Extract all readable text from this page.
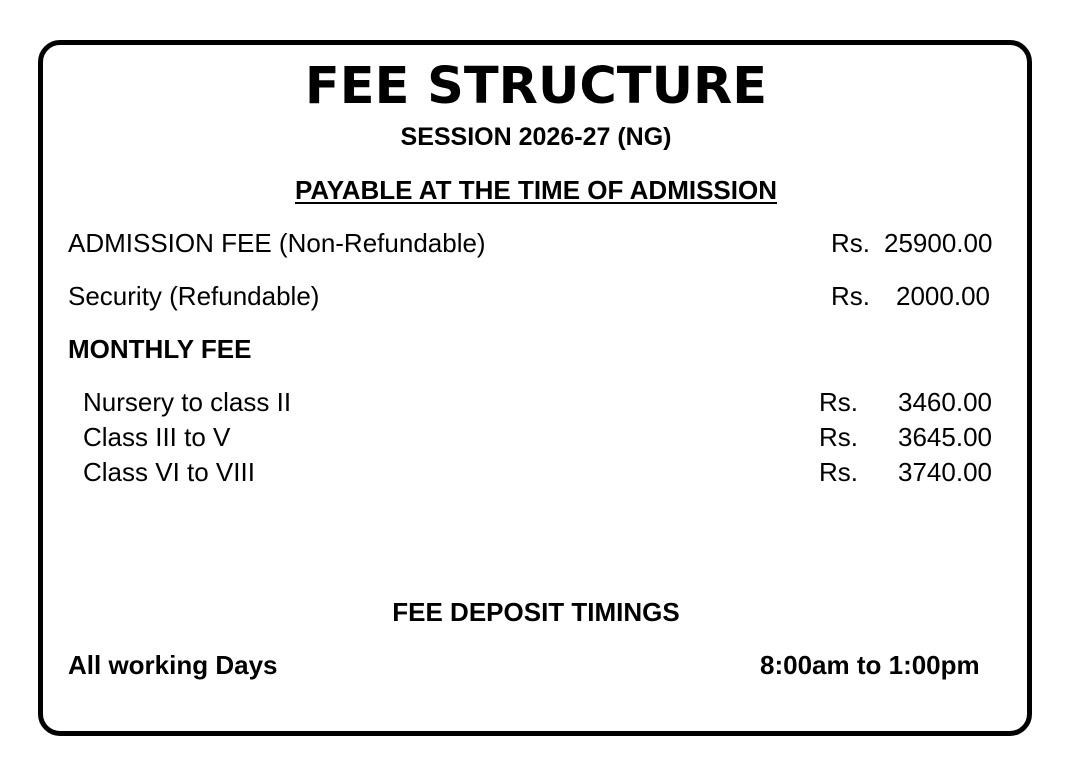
FEE STRUCTURE
SESSION 2026-27 (NG)
PAYABLE AT THE TIME OF ADMISSION
ADMISSION FEE (Non-Refundable)	Rs. 25900.00
Security (Refundable)	Rs. 2000.00
MONTHLY FEE
Nursery to class II	Rs. 3460.00
Class III to V	Rs. 3645.00
Class VI to VIII	Rs. 3740.00
FEE DEPOSIT TIMINGS
All working Days	8:00am to 1:00pm
